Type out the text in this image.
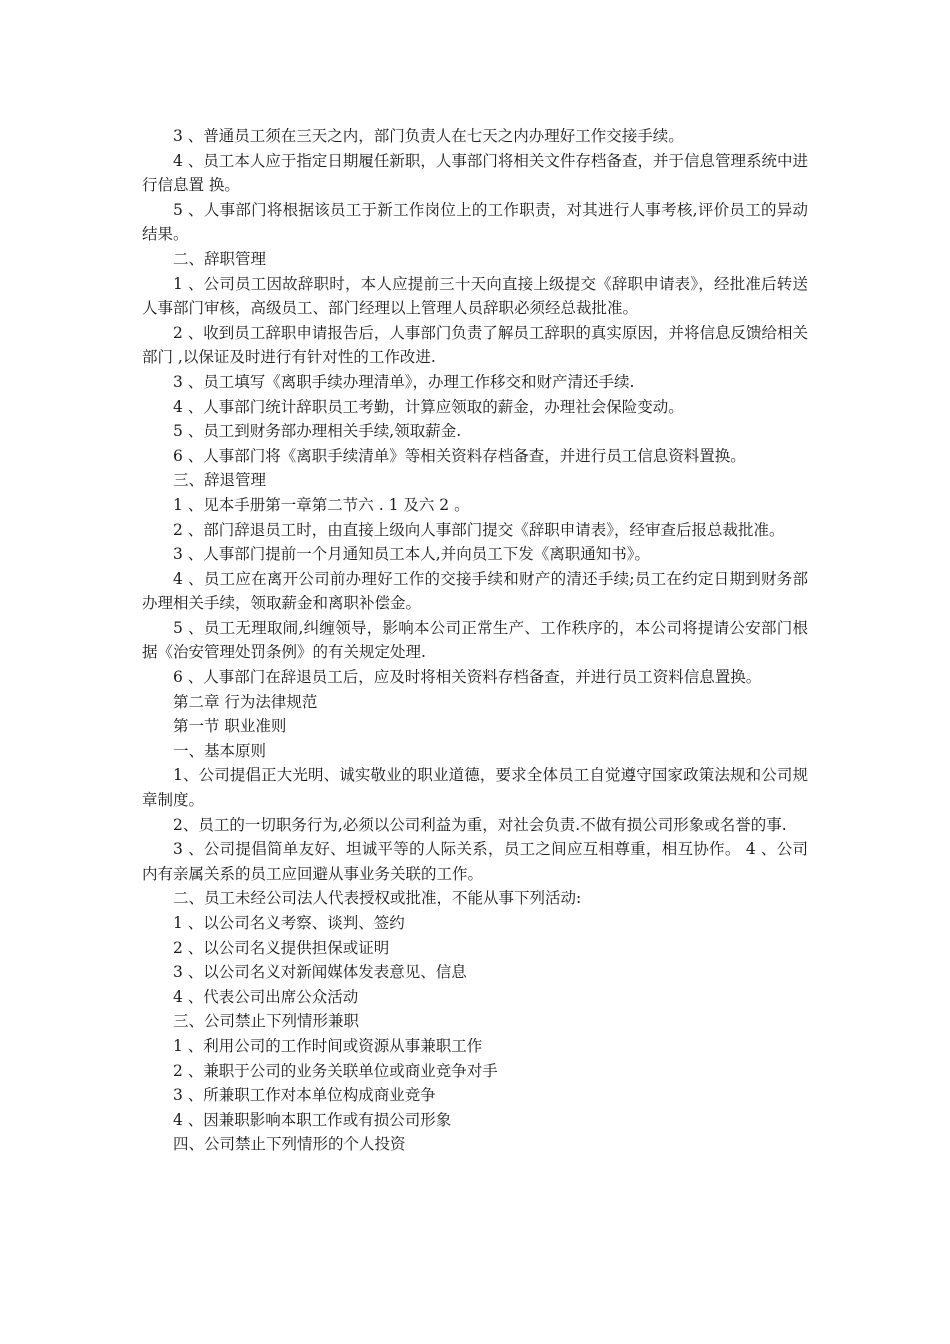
3 、普通员工须在三天之内，部门负责人在七天之内办理好工作交接手续。

4 、员工本人应于指定日期履任新职，人事部门将相关文件存档备查，并于信息管理系统中进行信息置 换。

5 、人事部门将根据该员工于新工作岗位上的工作职责，对其进行人事考核,评价员工的异动结果。

二、辞职管理

1 、公司员工因故辞职时，本人应提前三十天向直接上级提交《辞职申请表》，经批准后转送人事部门审核，高级员工、部门经理以上管理人员辞职必须经总裁批准。

2 、收到员工辞职申请报告后，人事部门负责了解员工辞职的真实原因，并将信息反馈给相关部门 ,以保证及时进行有针对性的工作改进.

3 、员工填写《离职手续办理清单》，办理工作移交和财产清还手续.

4 、人事部门统计辞职员工考勤，计算应领取的薪金，办理社会保险变动。

5 、员工到财务部办理相关手续,领取薪金.

6 、人事部门将《离职手续清单》等相关资料存档备查，并进行员工信息资料置换。

三、辞退管理

1 、见本手册第一章第二节六 . 1 及六 2 。

2 、部门辞退员工时，由直接上级向人事部门提交《辞职申请表》，经审查后报总裁批准。

3 、人事部门提前一个月通知员工本人,并向员工下发《离职通知书》。

4 、员工应在离开公司前办理好工作的交接手续和财产的清还手续;员工在约定日期到财务部办理相关手续，领取薪金和离职补偿金。

5 、员工无理取闹,纠缠领导，影响本公司正常生产、工作秩序的，本公司将提请公安部门根据《治安管理处罚条例》的有关规定处理.

6 、人事部门在辞退员工后，应及时将相关资料存档备查，并进行员工资料信息置换。

第二章 行为法律规范

第一节 职业准则

一、基本原则

1、公司提倡正大光明、诚实敬业的职业道德，要求全体员工自觉遵守国家政策法规和公司规章制度。

2、员工的一切职务行为,必须以公司利益为重，对社会负责.不做有损公司形象或名誉的事.

3 、公司提倡简单友好、坦诚平等的人际关系，员工之间应互相尊重，相互协作。 4 、公司内有亲属关系的员工应回避从事业务关联的工作。

二、员工未经公司法人代表授权或批准，不能从事下列活动:

1 、以公司名义考察、谈判、签约

2 、以公司名义提供担保或证明

3 、以公司名义对新闻媒体发表意见、信息

4 、代表公司出席公众活动

三、公司禁止下列情形兼职

1 、利用公司的工作时间或资源从事兼职工作

2 、兼职于公司的业务关联单位或商业竞争对手

3 、所兼职工作对本单位构成商业竞争

4 、因兼职影响本职工作或有损公司形象

四、公司禁止下列情形的个人投资
